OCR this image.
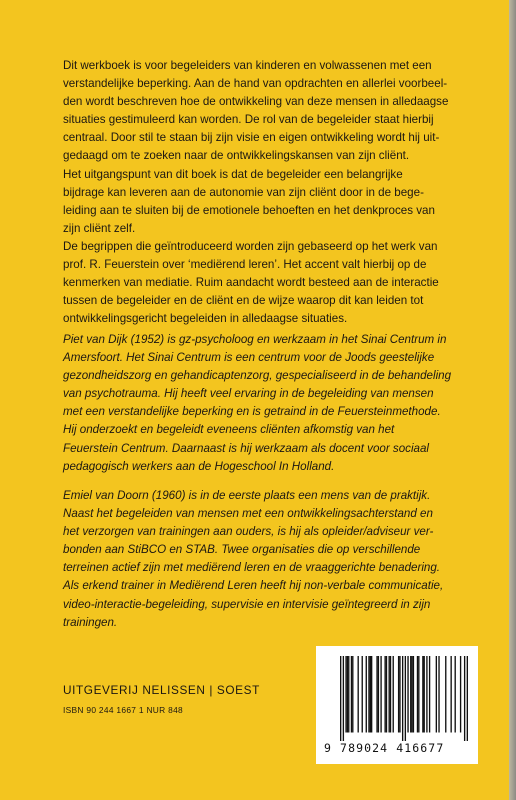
Dit werkboek is voor begeleiders van kinderen en volwassenen met een

verstandelijke beperking. Aan de hand van opdrachten en allerlei voorbeel-

den wordt beschreven hoe de ontwikkeling van deze mensen in alledaagse

situaties gestimuleerd kan worden. De rol van de begeleider staat hierbij

centraal. Door stil te staan bij zijn visie en eigen ontwikkeling wordt hij uit-

gedaagd om te zoeken naar de ontwikkelingskansen van zijn cliënt.

Het uitgangspunt van dit boek is dat de begeleider een belangrijke

bijdrage kan leveren aan de autonomie van zijn cliënt door in de bege-

leiding aan te sluiten bij de emotionele behoeften en het denkproces van

zijn cliënt zelf.

De begrippen die geïntroduceerd worden zijn gebaseerd op het werk van

prof. R. Feuerstein over ‘mediërend leren’. Het accent valt hierbij op de

kenmerken van mediatie. Ruim aandacht wordt besteed aan de interactie

tussen de begeleider en de cliënt en de wijze waarop dit kan leiden tot

ontwikkelingsgericht begeleiden in alledaagse situaties.

Piet van Dijk (1952) is gz-psycholoog en werkzaam in het Sinai Centrum in

Amersfoort. Het Sinai Centrum is een centrum voor de Joods geestelijke

gezondheidszorg en gehandicaptenzorg, gespecialiseerd in de behandeling

van psychotrauma. Hij heeft veel ervaring in de begeleiding van mensen

met een verstandelijke beperking en is getraind in de Feuersteinmethode.

Hij onderzoekt en begeleidt eveneens cliënten afkomstig van het

Feuerstein Centrum. Daarnaast is hij werkzaam als docent voor sociaal

pedagogisch werkers aan de Hogeschool In Holland.

Emiel van Doorn (1960) is in de eerste plaats een mens van de praktijk.

Naast het begeleiden van mensen met een ontwikkelingsachterstand en

het verzorgen van trainingen aan ouders, is hij als opleider/adviseur ver-

bonden aan StiBCO en STAB. Twee organisaties die op verschillende

terreinen actief zijn met mediërend leren en de vraaggerichte benadering.

Als erkend trainer in Mediërend Leren heeft hij non-verbale communicatie,

video-interactie-begeleiding, supervisie en intervisie geïntegreerd in zijn

trainingen.

UITGEVERIJ NELISSEN | SOEST
ISBN 90 244 1667 1 NUR 848
9 789024 416677
